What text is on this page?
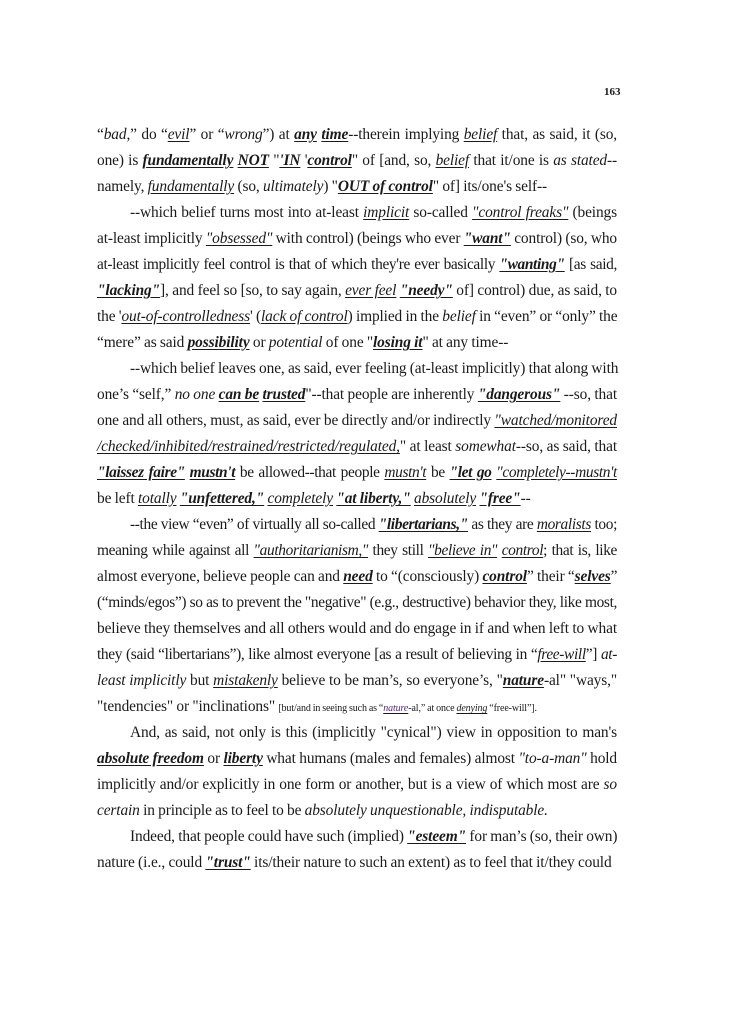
163
“bad,” do “evil” or “wrong”) at any time--therein implying belief that, as said, it (so,
one) is fundamentally NOT "'IN 'control" of [and, so, belief that it/one is as stated--
namely, fundamentally (so, ultimately) "OUT of control" of] its/one's self--
--which belief turns most into at-least implicit so-called "control freaks" (beings
at-least implicitly "obsessed" with control) (beings who ever "want" control) (so, who
at-least implicitly feel control is that of which they're ever basically "wanting" [as said,
"lacking"], and feel so [so, to say again, ever feel "needy" of] control) due, as said, to
the 'out-of-controlledness' (lack of control) implied in the belief in “even” or “only” the
“mere” as said possibility or potential of one "losing it" at any time--
--which belief leaves one, as said, ever feeling (at-least implicitly) that along with
one’s “self,” no one can be trusted"--that people are inherently "dangerous" --so, that
one and all others, must, as said, ever be directly and/or indirectly "watched/monitored
/checked/inhibited/restrained/restricted/regulated," at least somewhat--so, as said, that
"laissez faire" mustn't be allowed--that people mustn't be "let go "completely--mustn't
be left totally "unfettered," completely "at liberty," absolutely "free"--
--the view “even” of virtually all so-called "libertarians," as they are moralists too;
meaning while against all "authoritarianism," they still "believe in" control; that is, like
almost everyone, believe people can and need to “(consciously) control” their “selves”
(“minds/egos”) so as to prevent the "negative" (e.g., destructive) behavior they, like most,
believe they themselves and all others would and do engage in if and when left to what
they (said “libertarians”), like almost everyone [as a result of believing in “free-will”] at-
least implicitly but mistakenly believe to be man’s, so everyone’s, "nature-al" "ways,"
"tendencies" or "inclinations" [but/and in seeing such as “nature-al,” at once denying “free-will”].
And, as said, not only is this (implicitly "cynical") view in opposition to man's
absolute freedom or liberty what humans (males and females) almost "to-a-man" hold
implicitly and/or explicitly in one form or another, but is a view of which most are so
certain in principle as to feel to be absolutely unquestionable, indisputable.
Indeed, that people could have such (implied) "esteem" for man’s (so, their own)
nature (i.e., could "trust" its/their nature to such an extent) as to feel that it/they could
